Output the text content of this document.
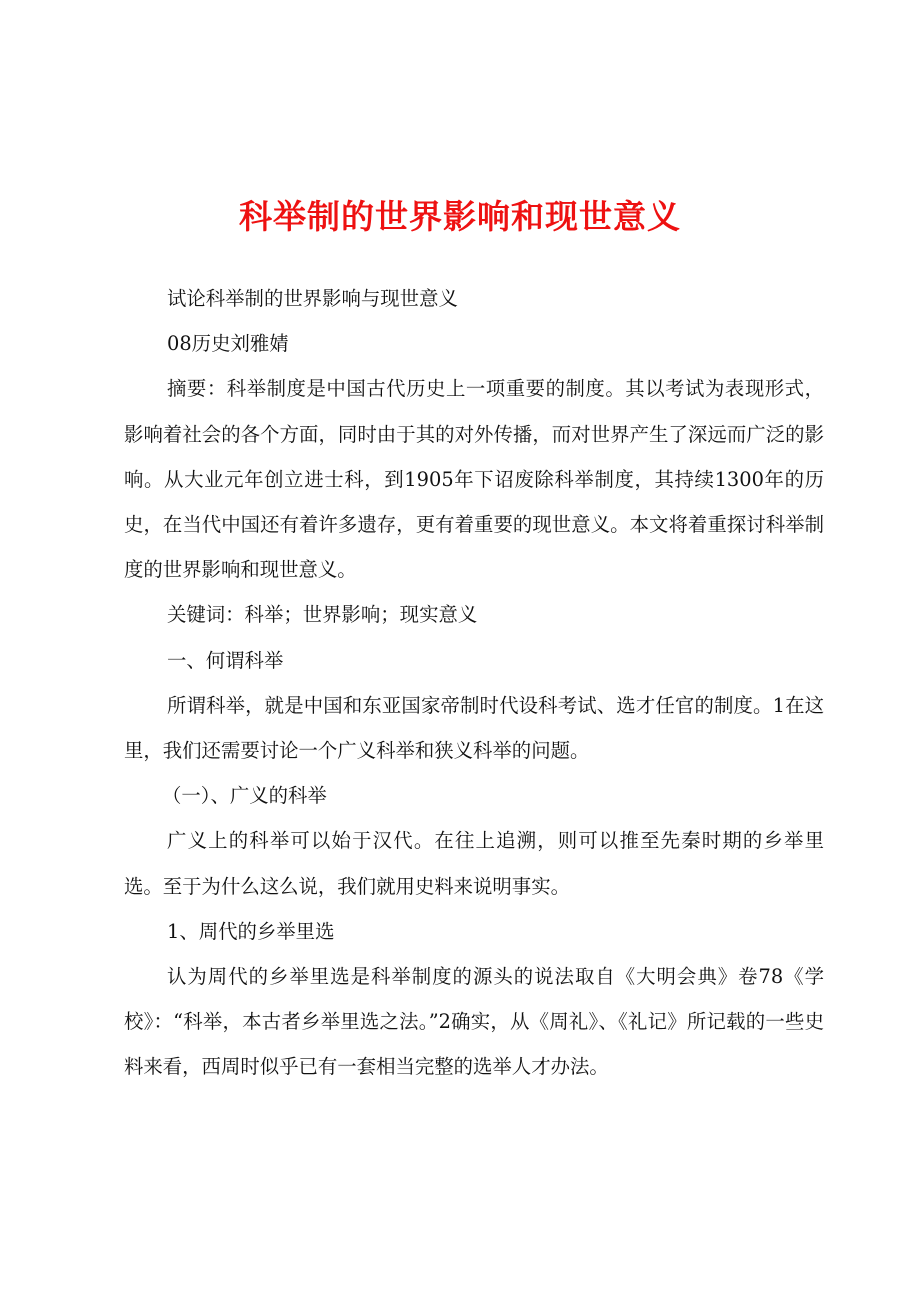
科举制的世界影响和现世意义

试论科举制的世界影响与现世意义

08历史刘雅婧

摘要：科举制度是中国古代历史上一项重要的制度。其以考试为表现形式，影响着社会的各个方面，同时由于其的对外传播，而对世界产生了深远而广泛的影响。从大业元年创立进士科，到1905年下诏废除科举制度，其持续1300年的历史，在当代中国还有着许多遗存，更有着重要的现世意义。本文将着重探讨科举制度的世界影响和现世意义。

关键词：科举；世界影响；现实意义

一、何谓科举

所谓科举，就是中国和东亚国家帝制时代设科考试、选才任官的制度。1在这里，我们还需要讨论一个广义科举和狭义科举的问题。

（一）、广义的科举

广义上的科举可以始于汉代。在往上追溯，则可以推至先秦时期的乡举里选。至于为什么这么说，我们就用史料来说明事实。

1、周代的乡举里选

认为周代的乡举里选是科举制度的源头的说法取自《大明会典》卷78《学校》：“科举，本古者乡举里选之法。”2确实，从《周礼》、《礼记》所记载的一些史料来看，西周时似乎已有一套相当完整的选举人才办法。
